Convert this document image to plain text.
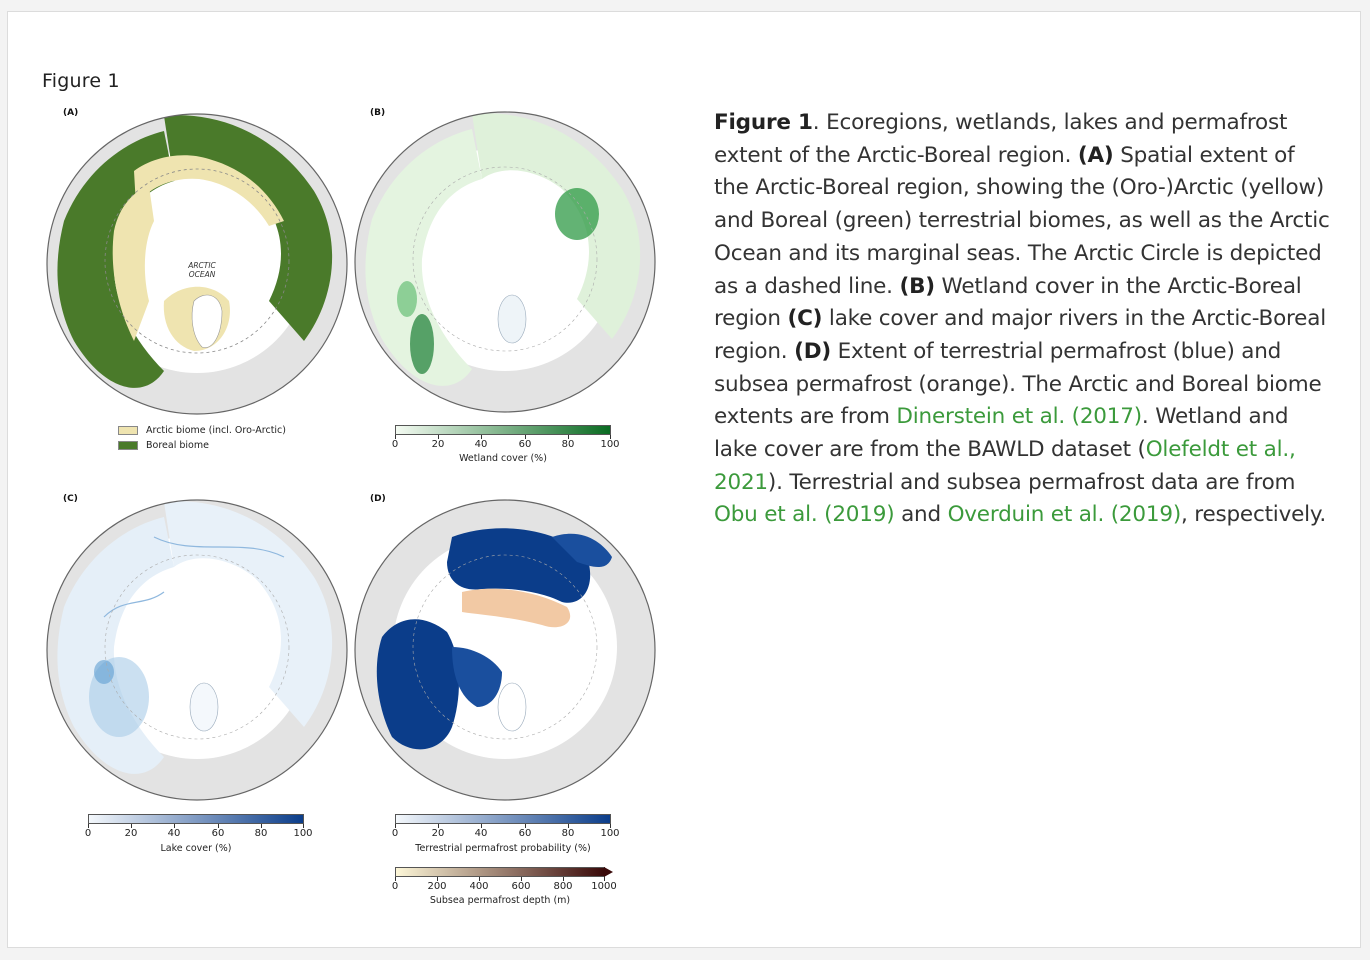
Figure 1
(A)
ARCTIC
OCEAN
Arctic biome (incl. Oro-Arctic)
Boreal biome
(B)
0	20	40	60	80	100
Wetland cover (%)
(C)
0	20	40	60	80	100
Lake cover (%)
(D)
0	20	40	60	80	100
Terrestrial permafrost probability (%)
0	200 400 600 800 1000
Subsea permafrost depth (m)
Figure 1. Ecoregions, wetlands, lakes and permafrost extent of the Arctic-Boreal region. (A) Spatial extent of the Arctic-Boreal region, showing the (Oro-)Arctic (yellow) and Boreal (green) terrestrial biomes, as well as the Arctic Ocean and its marginal seas. The Arctic Circle is depicted as a dashed line. (B) Wetland cover in the Arctic-Boreal region (C) lake cover and major rivers in the Arctic-Boreal region. (D) Extent of terrestrial permafrost (blue) and subsea permafrost (orange). The Arctic and Boreal biome extents are from Dinerstein et al. (2017). Wetland and lake cover are from the BAWLD dataset (Olefeldt et al., 2021). Terrestrial and subsea permafrost data are from Obu et al. (2019) and Overduin et al. (2019), respectively.
